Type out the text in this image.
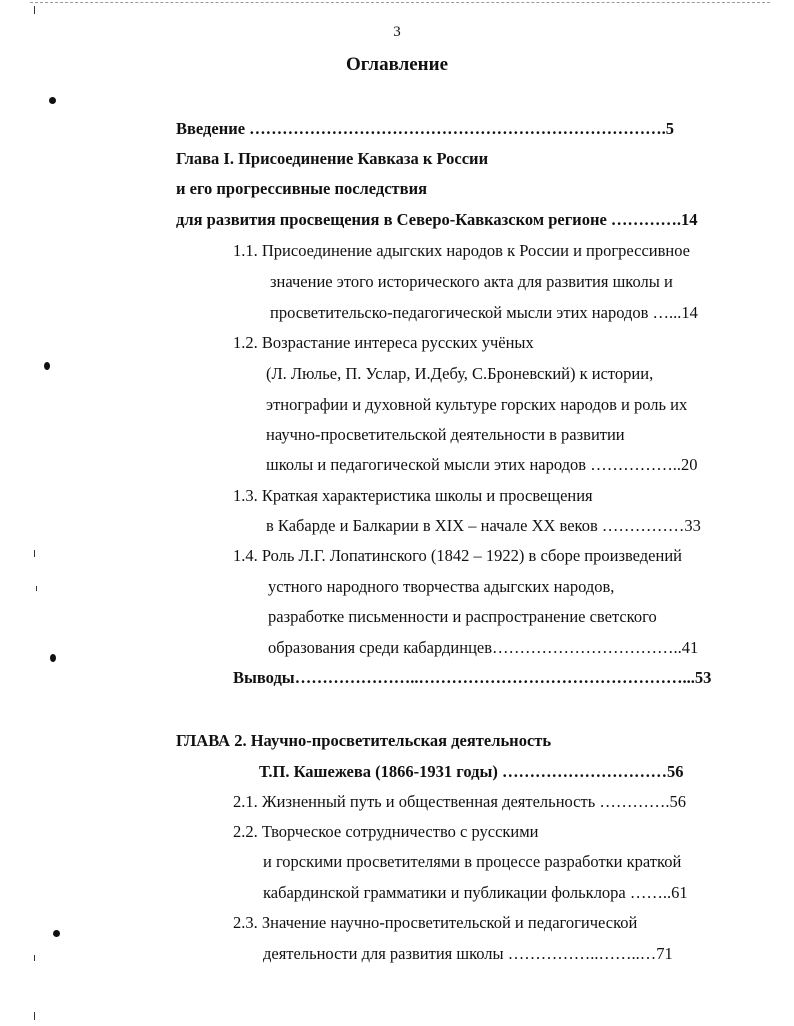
3
Оглавление
Введение ………………………………………………………………….5
Глава I. Присоединение Кавказа к России
и его прогрессивные последствия
для развития просвещения в Северо-Кавказском регионе ………….14
1.1. Присоединение адыгских народов к России и прогрессивное
значение этого исторического акта для развития школы и
просветительско-педагогической мысли этих народов …...14
1.2. Возрастание интереса русских учёных
(Л. Люлье, П. Услар, И.Дебу, С.Броневский) к истории,
этнографии и духовной культуре горских народов и роль их
научно-просветительской деятельности в развитии
школы и педагогической мысли этих народов ……………..20
1.3. Краткая характеристика школы и просвещения
в Кабарде и Балкарии в XIX – начале XX веков ……………33
1.4. Роль Л.Г. Лопатинского (1842 – 1922) в сборе произведений
устного народного творчества адыгских народов,
разработке письменности и распространение светского
образования среди кабардинцев……………………………..41
Выводы…………………..…………………………………………...53
ГЛАВА 2. Научно-просветительская деятельность
Т.П. Кашежева (1866-1931 годы) …………………………56
2.1. Жизненный путь и общественная деятельность ………….56
2.2. Творческое сотрудничество с русскими
и горскими просветителями в процессе разработки краткой
кабардинской грамматики и публикации фольклора ……..61
2.3. Значение научно-просветительской и педагогической
деятельности для развития школы ……………..……..…71
